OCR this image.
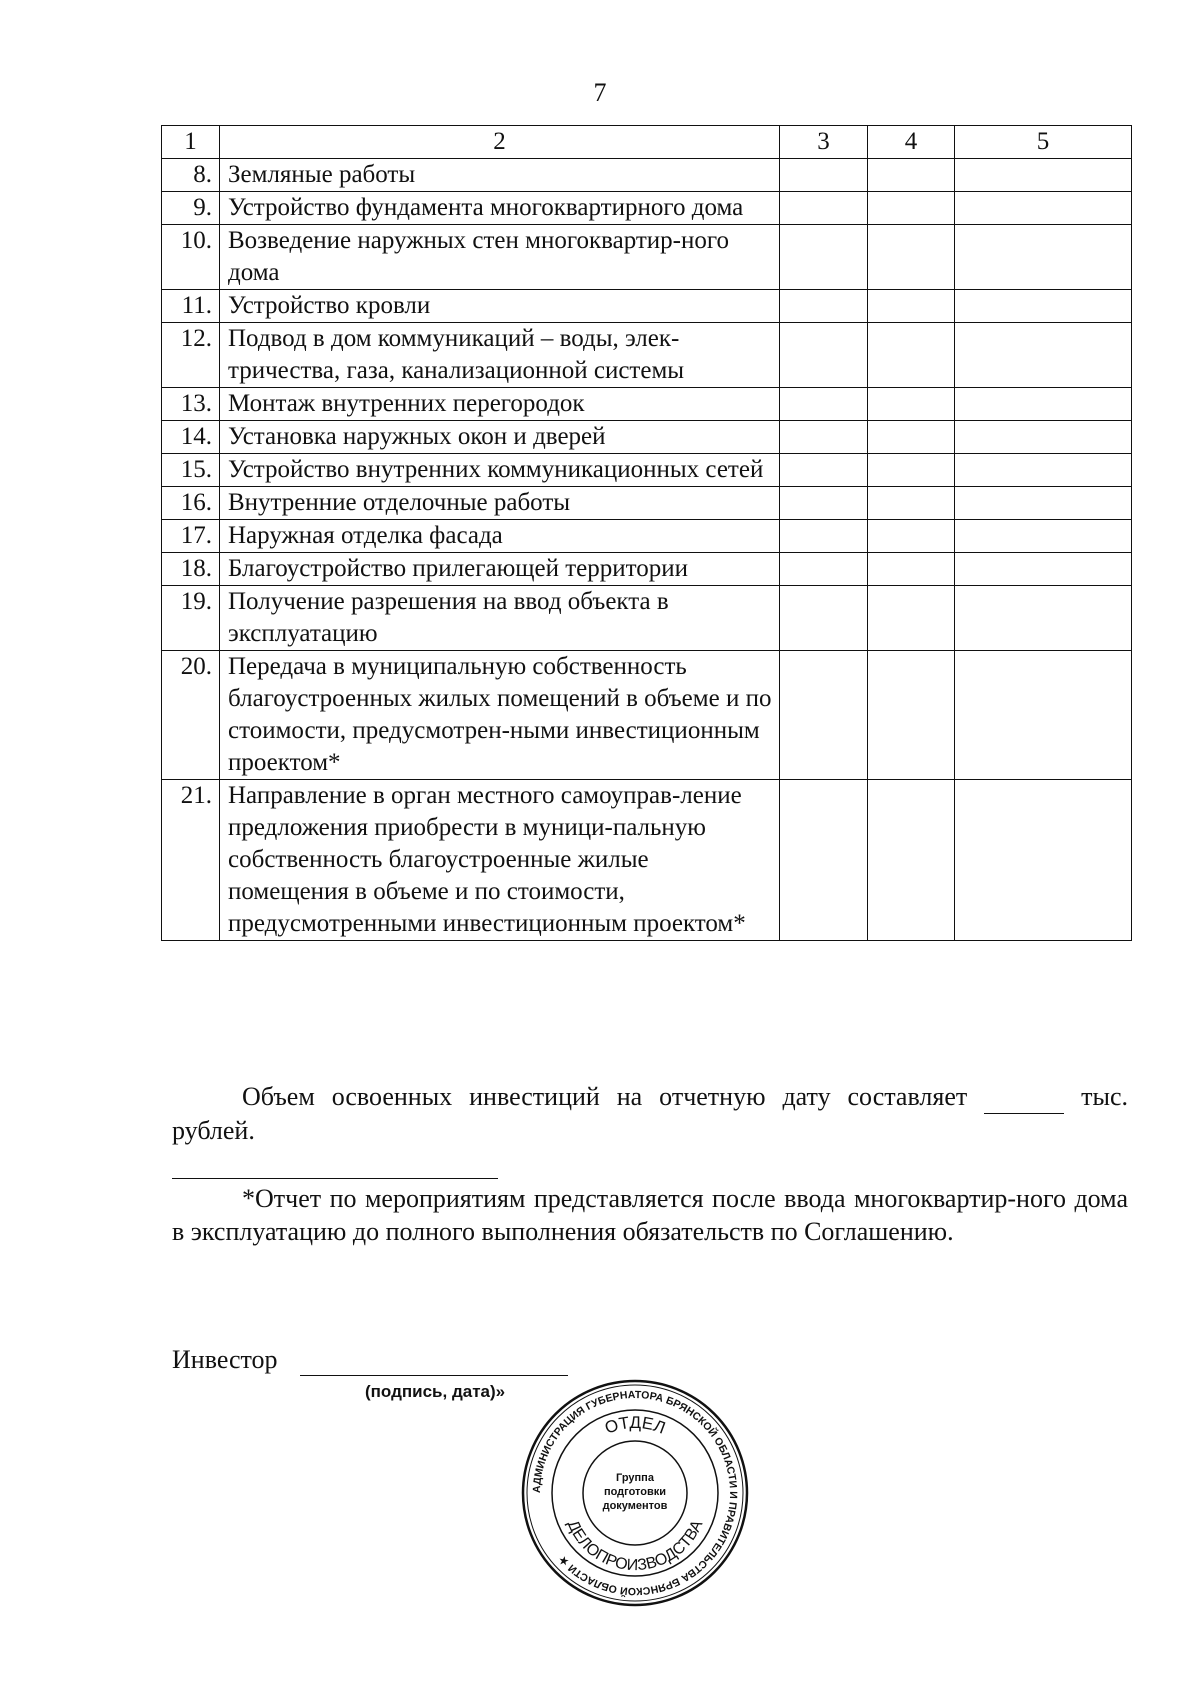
7
1	2	3	4	5
8.	Земляные работы			
9.	Устройство фундамента многоквартирного дома			
10.	Возведение наружных стен многоквартир-ного дома			
11.	Устройство кровли			
12.	Подвод в дом коммуникаций – воды, элек-тричества, газа, канализационной системы			
13.	Монтаж внутренних перегородок			
14.	Установка наружных окон и дверей			
15.	Устройство внутренних коммуникационных сетей			
16.	Внутренние отделочные работы			
17.	Наружная отделка фасада			
18.	Благоустройство прилегающей территории			
19.	Получение разрешения на ввод объекта в эксплуатацию			
20.	Передача в муниципальную собственность благоустроенных жилых помещений в объеме и по стоимости, предусмотрен-ными инвестиционным проектом*			
21.	Направление в орган местного самоуправ-ление предложения приобрести в муници-пальную собственность благоустроенные жилые помещения в объеме и по стоимости, предусмотренными инвестиционным проектом*			
Объем освоенных инвестиций на отчетную дату составляет	тыс. рублей.
*Отчет по мероприятиям представляется после ввода многоквартир-ного дома в эксплуатацию до полного выполнения обязательств по Соглашению.
Инвестор
(подпись, дата)»
АДМИНИСТРАЦИЯ ГУБЕРНАТОРА БРЯНСКОЙ ОБЛАСТИ И ПРАВИТЕЛЬСТВА БРЯНСКОЙ ОБЛАСТИ ★
ОТДЕЛ
ДЕЛОПРОИЗВОДСТВА
Группа подготовки документов
